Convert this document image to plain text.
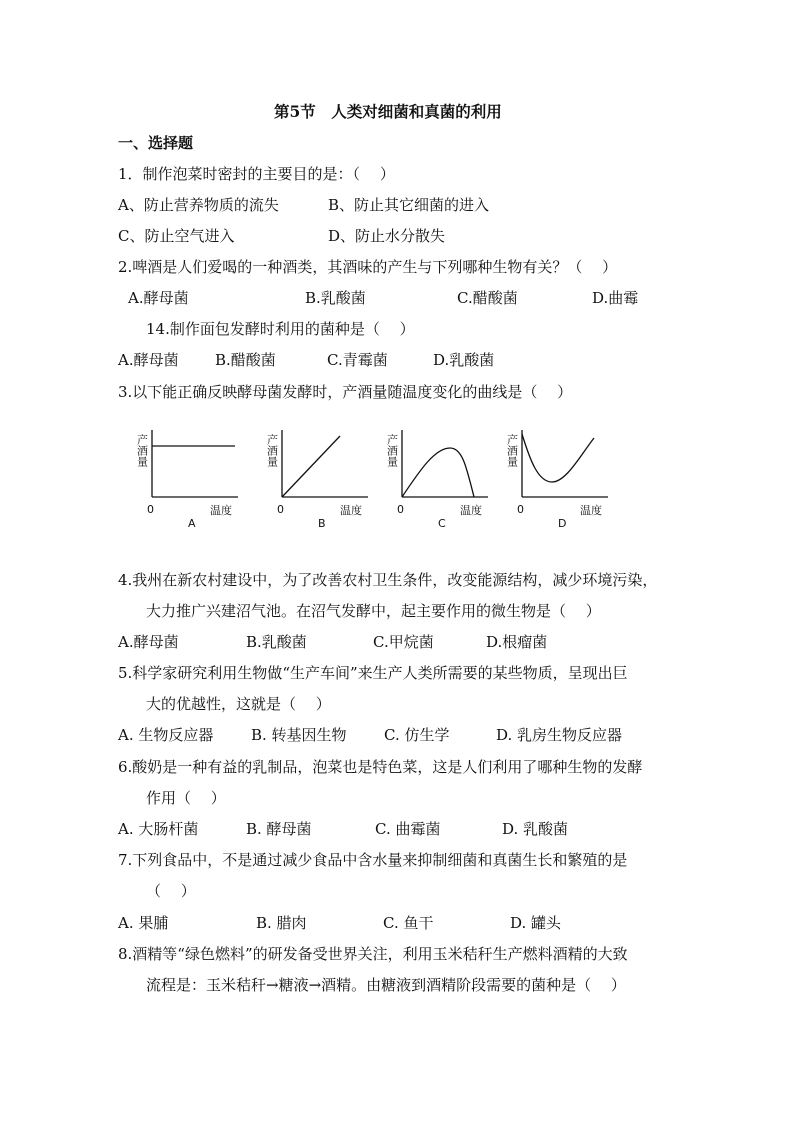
第5节　人类对细菌和真菌的利用
一、选择题
1．制作泡菜时密封的主要目的是：（　 ）
A、防止营养物质的流失	B、防止其它细菌的进入
C、防止空气进入	D、防止水分散失
2.啤酒是人们爱喝的一种酒类，其酒味的产生与下列哪种生物有关？（　 ）
A.酵母菌	B.乳酸菌	C.醋酸菌	D.曲霉
14.制作面包发酵时利用的菌种是（　 ）
A.酵母菌 B.醋酸菌	C.青霉菌	D.乳酸菌
3.以下能正确反映酵母菌发酵时，产酒量随温度变化的曲线是（　 ）
产酒量
0	温度
A
产酒量
0	温度
B
产酒量
0	温度
C
产酒量
0	温度
D
4.我州在新农村建设中，为了改善农村卫生条件，改变能源结构，减少环境污染，
大力推广兴建沼气池。在沼气发酵中，起主要作用的微生物是（　 ）
A.酵母菌	B.乳酸菌	C.甲烷菌	D.根瘤菌
5.科学家研究利用生物做“生产车间”来生产人类所需要的某些物质，呈现出巨
大的优越性，这就是（　 ）
A. 生物反应器	B. 转基因生物 C. 仿生学	D. 乳房生物反应器
6.酸奶是一种有益的乳制品，泡菜也是特色菜，这是人们利用了哪种生物的发酵
作用（　 ）
A. 大肠杆菌	B. 酵母菌	C. 曲霉菌	D. 乳酸菌
7.下列食品中，不是通过减少食品中含水量来抑制细菌和真菌生长和繁殖的是
（　 ）
A. 果脯	B. 腊肉	C. 鱼干	D. 罐头
8.酒精等“绿色燃料”的研发备受世界关注，利用玉米秸秆生产燃料酒精的大致
流程是：玉米秸秆→糖液→酒精。由糖液到酒精阶段需要的菌种是（　 ）
